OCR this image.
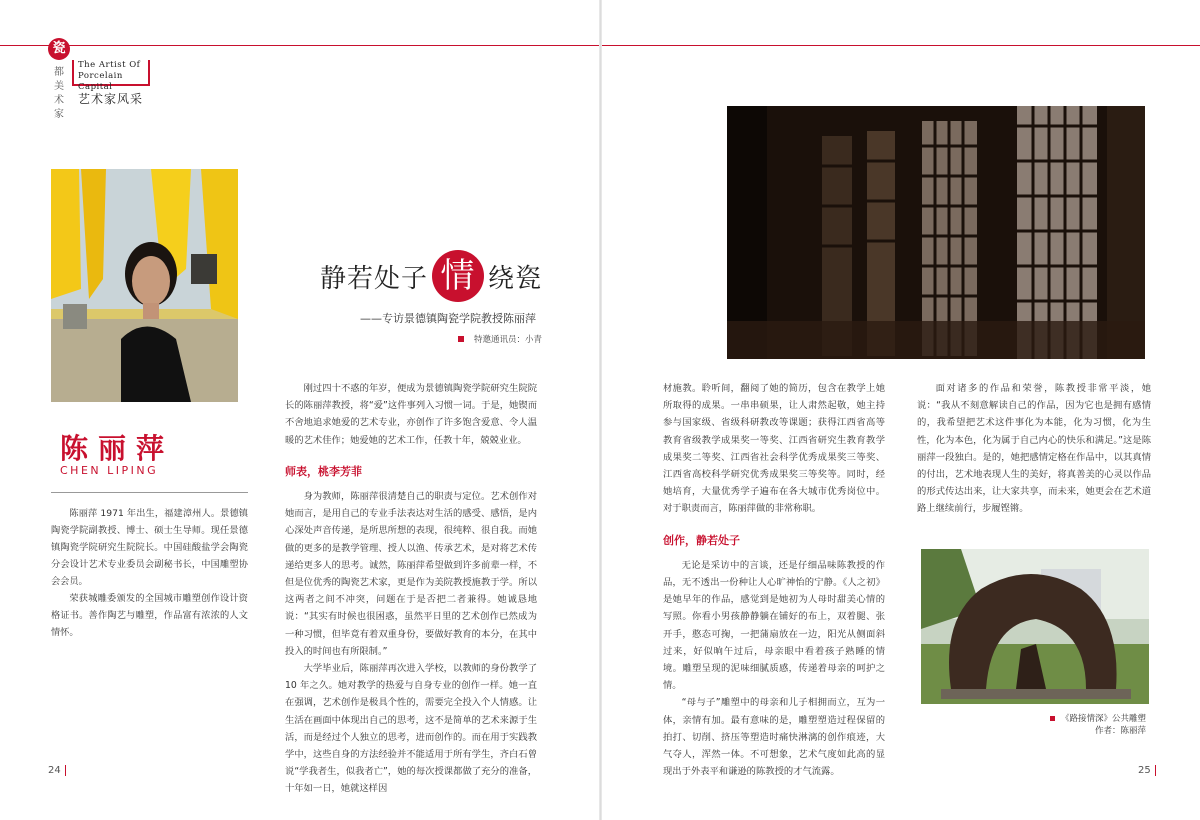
瓷
都
美
术
家
The Artist Of Porcelain Capital
艺术家风采
陈丽萍
CHEN LIPING

陈丽萍 1971 年出生，福建漳州人。景德镇陶瓷学院副教授、博士、硕士生导师。现任景德镇陶瓷学院研究生院院长。中国硅酸盐学会陶瓷分会设计艺术专业委员会副秘书长，中国雕塑协会会员。

荣获城雕委颁发的全国城市雕塑创作设计资格证书。善作陶艺与雕塑，作品富有浓浓的人文情怀。

静若处子 情 绕瓷
——专访景德镇陶瓷学院教授陈丽萍
特邀通讯员：小青

刚过四十不惑的年岁，便成为景德镇陶瓷学院研究生院院长的陈丽萍教授，将“爱”这件事列入习惯一词。于是，她锲而不舍地追求她爱的艺术专业，亦创作了许多饱含爱意、令人温暖的艺术佳作；她爱她的艺术工作，任教十年，兢兢业业。

师表，桃李芳菲

身为教师，陈丽萍很清楚自己的职责与定位。艺术创作对她而言，是用自己的专业手法表达对生活的感受、感悟，是内心深处声音传递，是所思所想的表现，很纯粹、很自我。而她做的更多的是教学管理、授人以渔、传承艺术，是对将艺术传递给更多人的思考。诚然，陈丽萍希望做到许多前辈一样，不但是位优秀的陶瓷艺术家，更是作为美院教授施教于学。所以这两者之间不冲突，问题在于是否把二者兼得。她诚恳地说：“其实有时候也很困惑，虽然平日里的艺术创作已然成为一种习惯，但毕竟有着双重身份，要做好教育的本分，在其中投入的时间也有所限制。”

大学毕业后，陈丽萍再次进入学校，以教师的身份教学了 10 年之久。她对教学的热爱与自身专业的创作一样。她一直在强调，艺术创作是极具个性的，需要完全投入个人情感。让生活在画面中体现出自己的思考，这不是简单的艺术来源于生活，而是经过个人独立的思考，进而创作的。而在用于实践教学中，这些自身的方法经验并不能适用于所有学生，齐白石曾说“学我者生，似我者亡”，她的每次授课都做了充分的准备，十年如一日，她就这样因

材施教。聆听间，翻阅了她的简历，包含在教学上她所取得的成果。一串串硕果，让人肃然起敬，她主持参与国家级、省级科研教改等课题；获得江西省高等教育省级教学成果奖一等奖、江西省研究生教育教学成果奖二等奖、江西省社会科学优秀成果奖三等奖、江西省高校科学研究优秀成果奖三等奖等。同时，经她培育，大量优秀学子遍布在各大城市优秀岗位中。对于职责而言，陈丽萍做的非常称职。

创作，静若处子

无论是采访中的言谈，还是仔细品味陈教授的作品，无不透出一份种让人心旷神怡的宁静。《人之初》是她早年的作品，感觉到是她初为人母时甜美心情的写照。你看小男孩静静躺在铺好的布上，双着腿、张开手，憨态可掬，一把蒲扇放在一边，阳光从侧面斜过来，好似晌午过后，母亲眼中看着孩子熟睡的情境。雕塑呈现的泥味细腻质感，传递着母亲的呵护之情。

“母与子”雕塑中的母亲和儿子相拥而立，互为一体，亲情有加。最有意味的是，雕塑塑造过程保留的拍打、切削、挤压等塑造时痛快淋漓的创作痕迹，大气夺人，浑然一体。不可想象，艺术气度如此高的显现出于外表平和谦逊的陈教授的才气流露。

面对诸多的作品和荣誉，陈教授非常平淡，她说：“我从不刻意解读自己的作品，因为它也是拥有感情的，我希望把艺术这件事化为本能，化为习惯，化为生性，化为本色，化为属于自己内心的快乐和满足。”这是陈丽萍一段独白。是的，她把感情定格在作品中，以其真情的付出，艺术地表现人生的美好，将真善美的心灵以作品的形式传达出来，让大家共享，而未来，她更会在艺术道路上继续前行，步履铿锵。

《路接情深》公共雕塑
作者：陈丽萍
24	25
